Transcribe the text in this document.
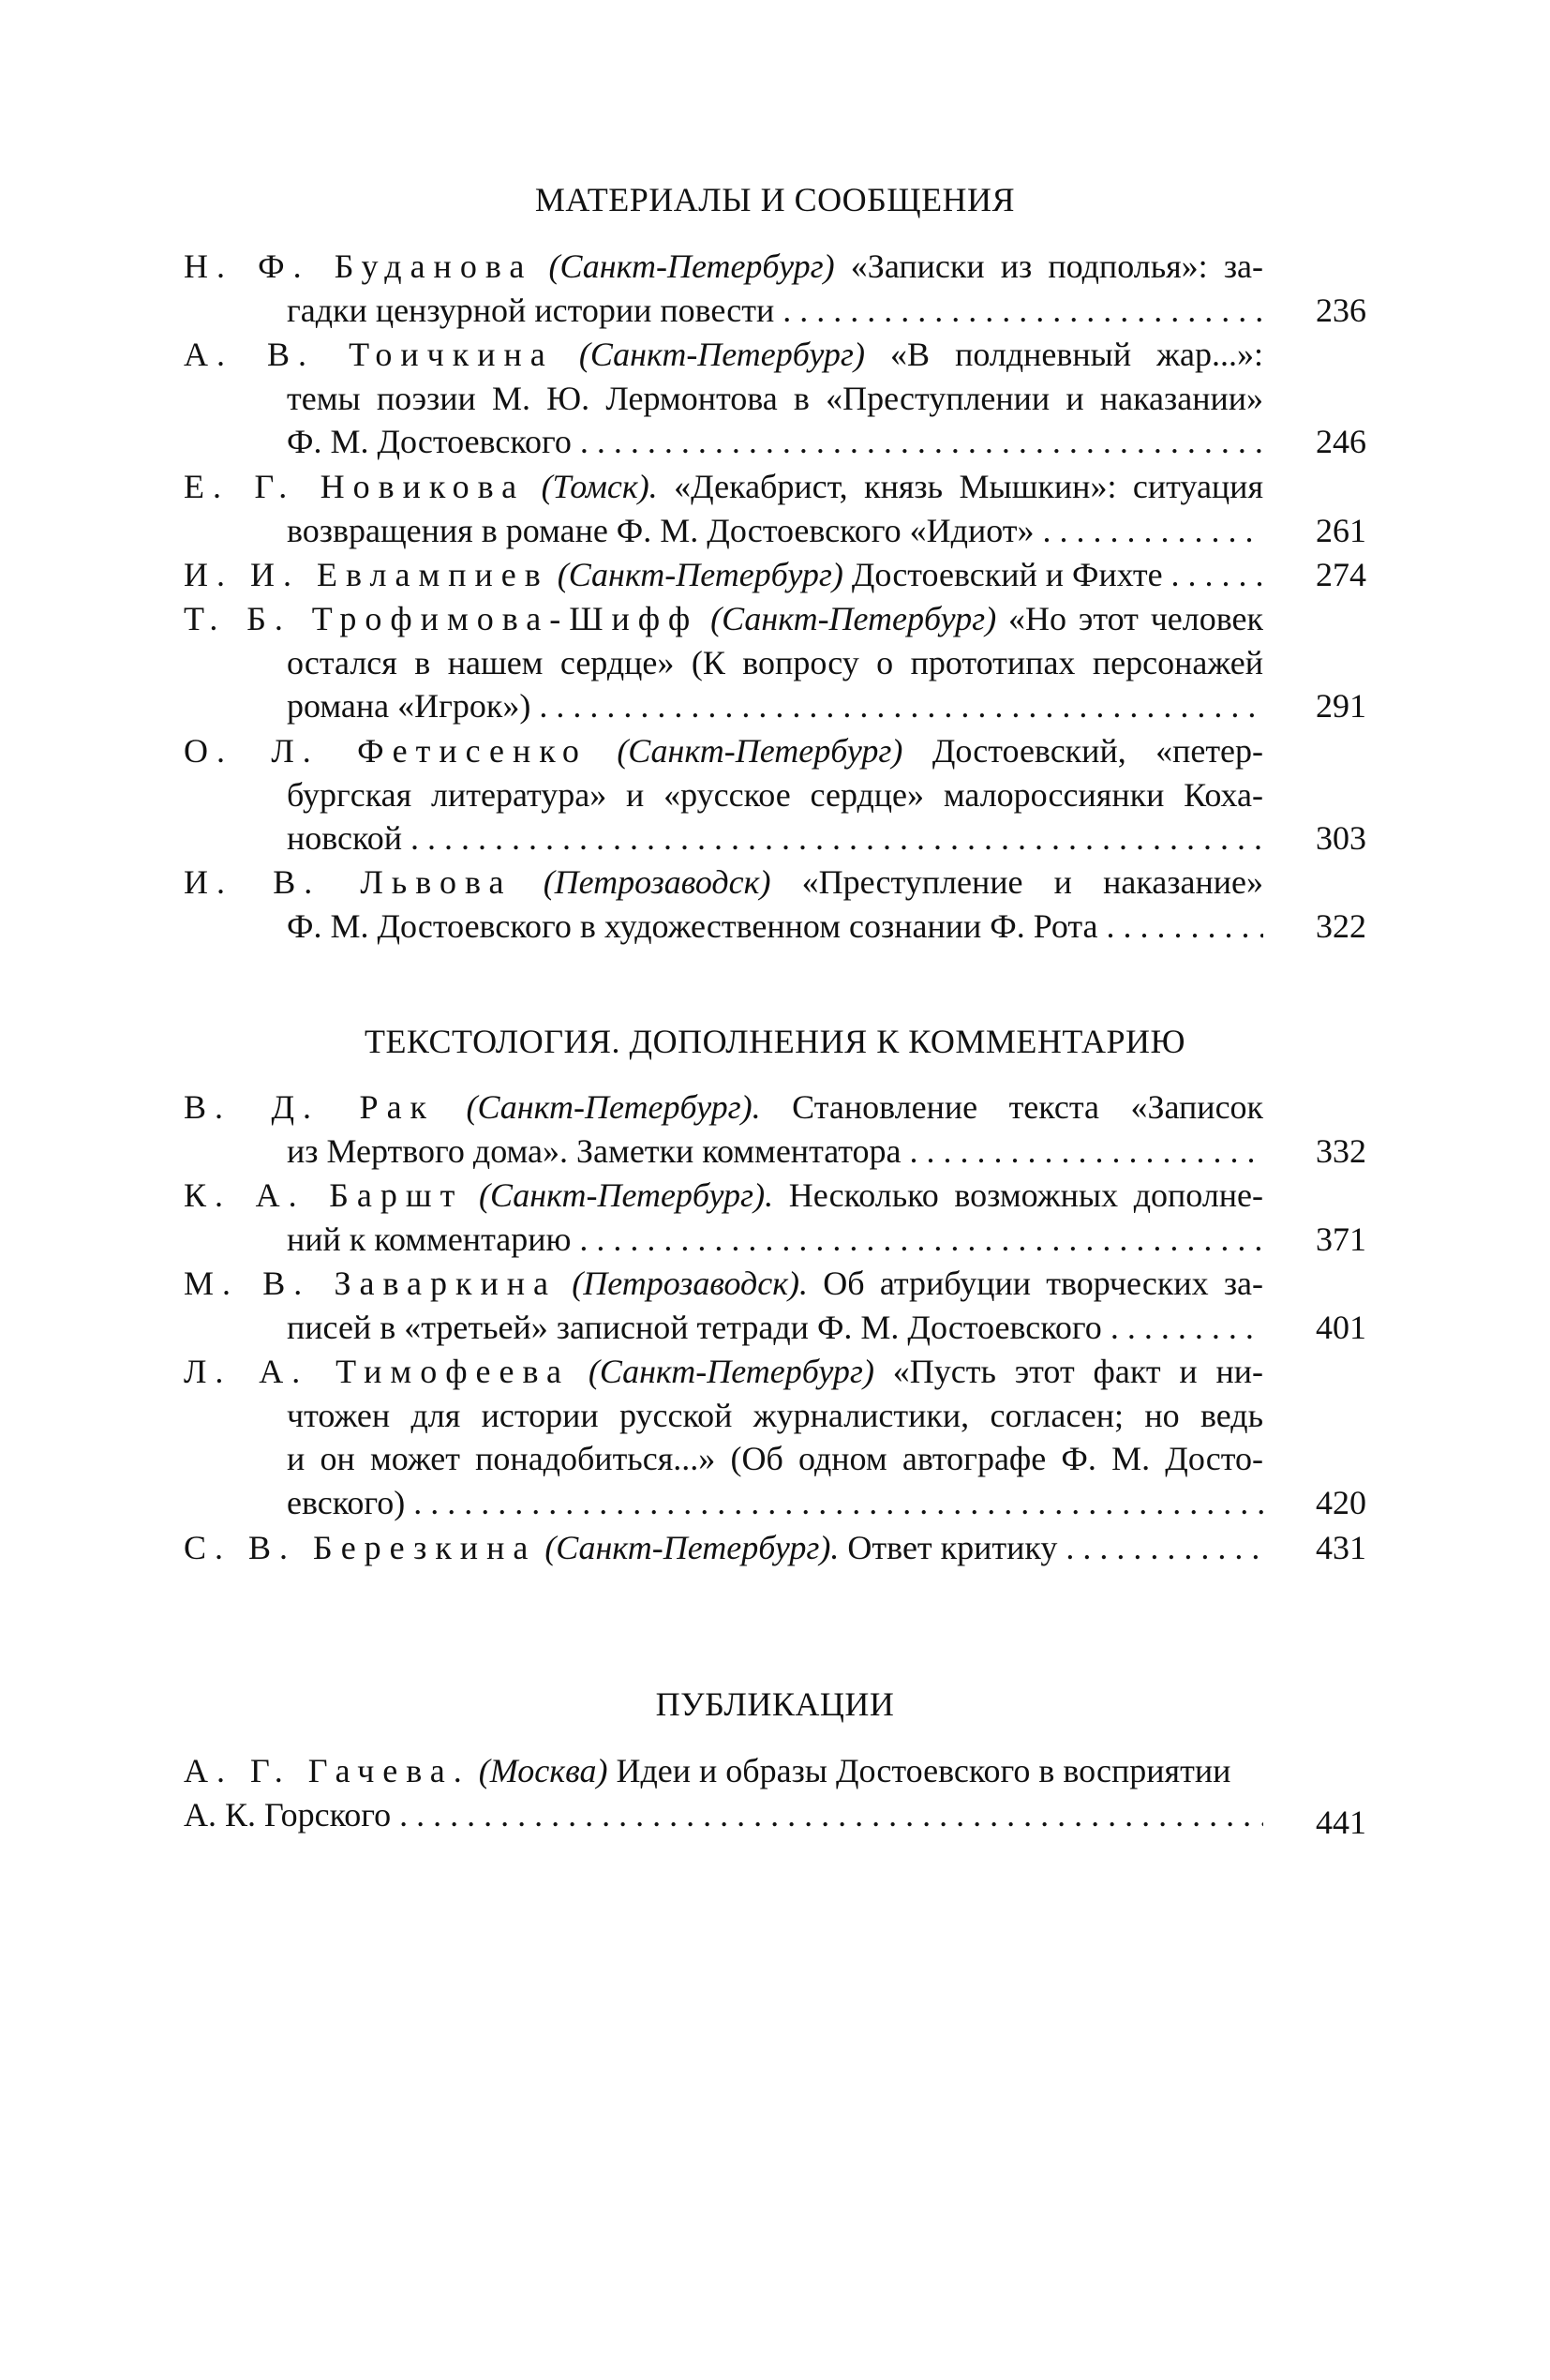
МАТЕРИАЛЫ И СООБЩЕНИЯ
Н. Ф. Буданова (Санкт-Петербург) «Записки из подполья»: за-
гадки цензурной истории повести . . .	236
А. В. Тоичкина (Санкт-Петербург) «В полдневный жар...»:
темы поэзии М. Ю. Лермонтова в «Преступлении и наказании»
Ф. М. Достоевского . . .	246
Е. Г. Новикова (Томск). «Декабрист, князь Мышкин»: ситуация
возвращения в романе Ф. М. Достоевского «Идиот» . . .	261
И. И. Евлампиев (Санкт-Петербург) Достоевский и Фихте . . .	274
Т. Б. Трофимова-Шифф (Санкт-Петербург) «Но этот человек
остался в нашем сердце» (К вопросу о прототипах персонажей
романа «Игрок») . . .	291
О. Л. Фетисенко (Санкт-Петербург) Достоевский, «петер-
бургская литература» и «русское сердце» малороссиянки Коха-
новской . . .	303
И. В. Львова (Петрозаводск) «Преступление и наказание»
Ф. М. Достоевского в художественном сознании Ф. Рота . . .	322
ТЕКСТОЛОГИЯ. ДОПОЛНЕНИЯ К КОММЕНТАРИЮ
В. Д. Рак (Санкт-Петербург). Становление текста «Записок
из Мертвого дома». Заметки комментатора . . .	332
К. А. Баршт (Санкт-Петербург). Несколько возможных дополне-
ний к комментарию . . .	371
М. В. Заваркина (Петрозаводск). Об атрибуции творческих за-
писей в «третьей» записной тетради Ф. М. Достоевского . . .	401
Л. А. Тимофеева (Санкт-Петербург) «Пусть этот факт и ни-
чтожен для истории русской журналистики, согласен; но ведь
и он может понадобиться...» (Об одном автографе Ф. М. Досто-
евского) . . .	420
С. В. Березкина (Санкт-Петербург). Ответ критику . . .	431
ПУБЛИКАЦИИ
А. Г. Гачева. (Москва) Идеи и образы Достоевского в восприятии
А. К. Горского . . .	441
